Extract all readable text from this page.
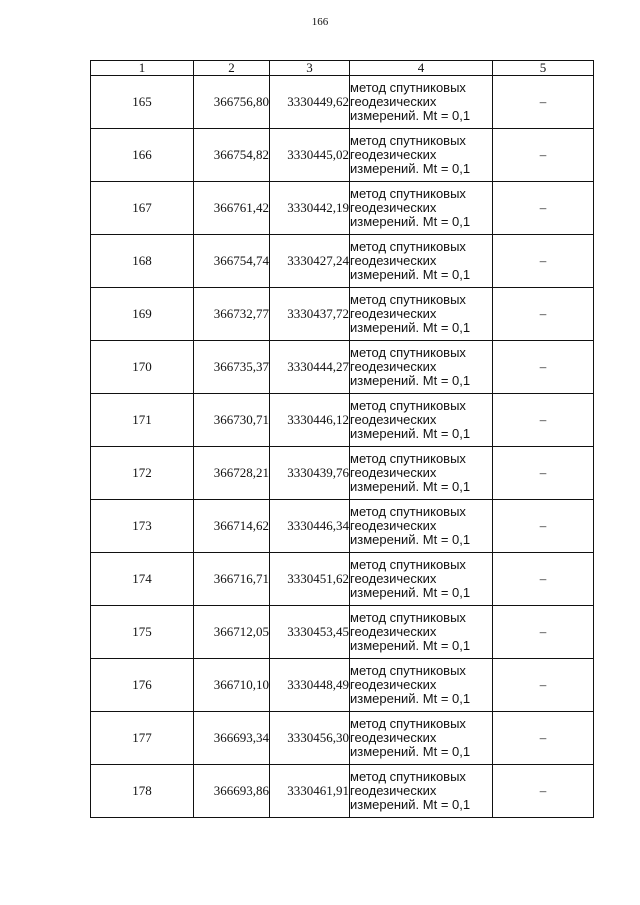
166
1	2	3	4	5
165	366756,80	3330449,62	метод спутниковых
геодезических
измерений. Mt = 0,1	–
166	366754,82	3330445,02	метод спутниковых
геодезических
измерений. Mt = 0,1	–
167	366761,42	3330442,19	метод спутниковых
геодезических
измерений. Mt = 0,1	–
168	366754,74	3330427,24	метод спутниковых
геодезических
измерений. Mt = 0,1	–
169	366732,77	3330437,72	метод спутниковых
геодезических
измерений. Mt = 0,1	–
170	366735,37	3330444,27	метод спутниковых
геодезических
измерений. Mt = 0,1	–
171	366730,71	3330446,12	метод спутниковых
геодезических
измерений. Mt = 0,1	–
172	366728,21	3330439,76	метод спутниковых
геодезических
измерений. Mt = 0,1	–
173	366714,62	3330446,34	метод спутниковых
геодезических
измерений. Mt = 0,1	–
174	366716,71	3330451,62	метод спутниковых
геодезических
измерений. Mt = 0,1	–
175	366712,05	3330453,45	метод спутниковых
геодезических
измерений. Mt = 0,1	–
176	366710,10	3330448,49	метод спутниковых
геодезических
измерений. Mt = 0,1	–
177	366693,34	3330456,30	метод спутниковых
геодезических
измерений. Mt = 0,1	–
178	366693,86	3330461,91	метод спутниковых
геодезических
измерений. Mt = 0,1	–
